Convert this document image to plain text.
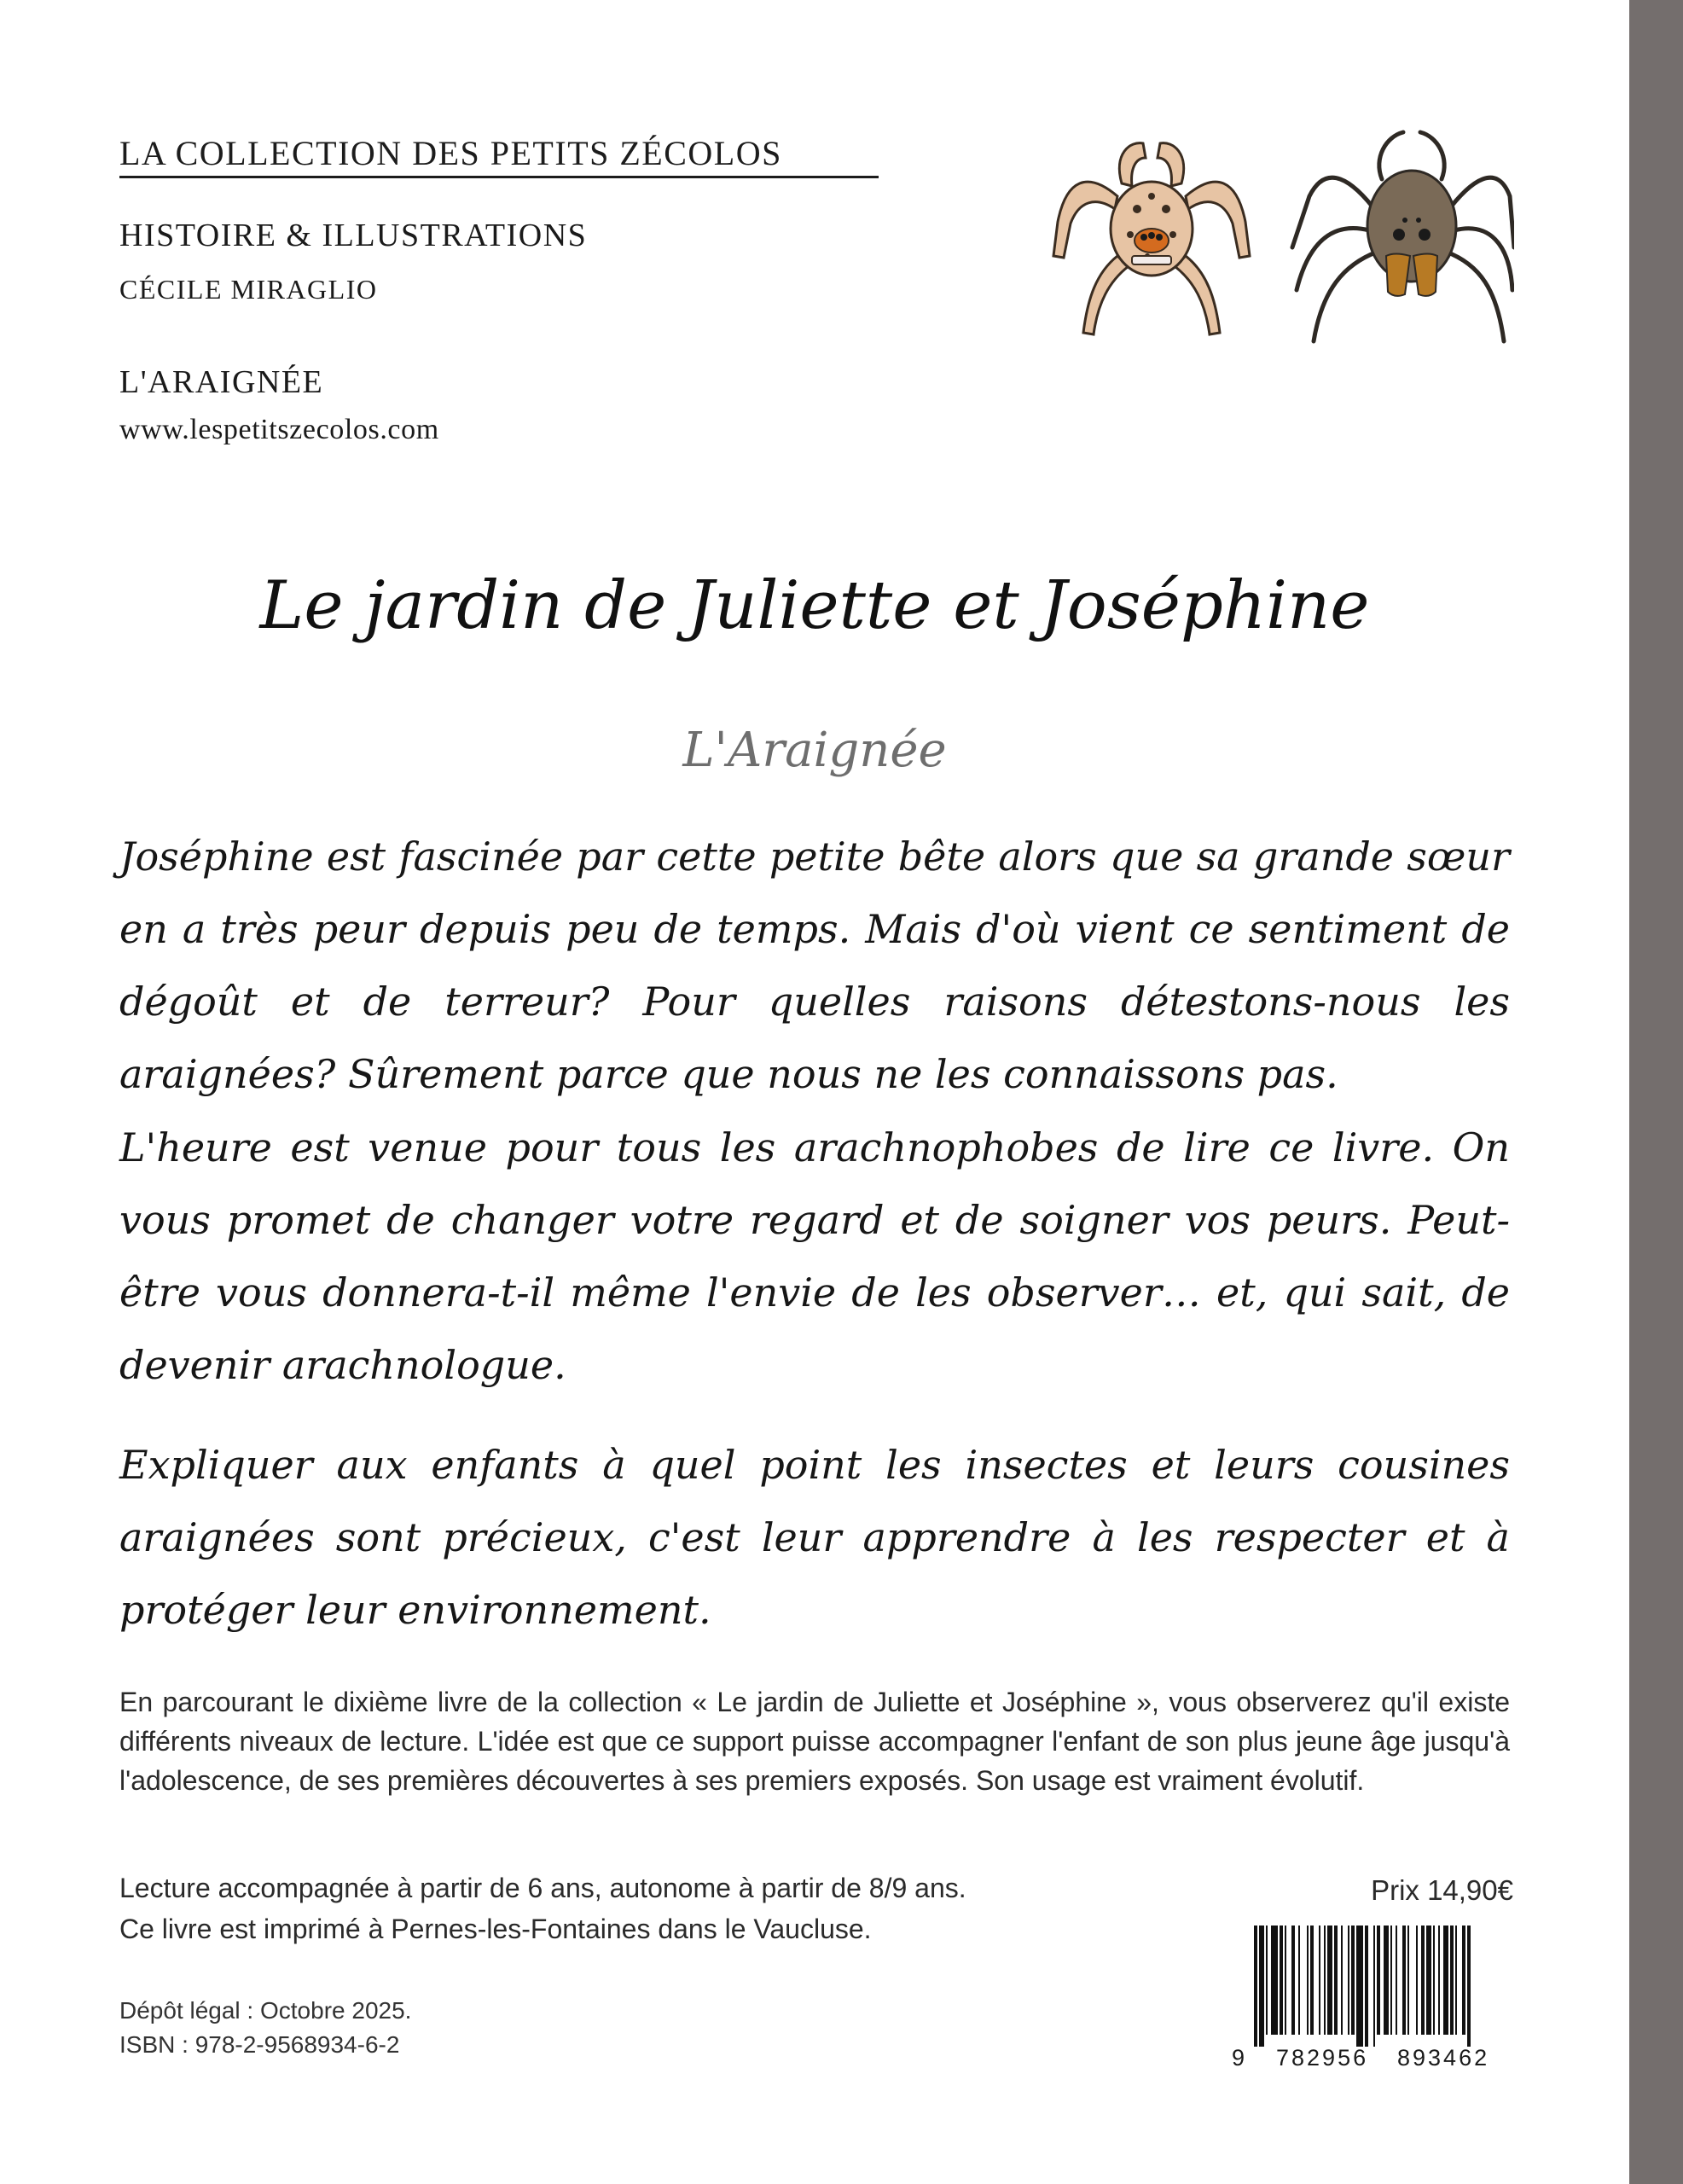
LA COLLECTION DES PETITS ZÉCOLOS
HISTOIRE & ILLUSTRATIONS
CÉCILE MIRAGLIO
L'ARAIGNÉE
www.lespetitszecolos.com
Le jardin de Juliette et Joséphine
L'Araignée

Joséphine est fascinée par cette petite bête alors que sa grande sœur en a très peur depuis peu de temps. Mais d'où vient ce sentiment de dégoût et de terreur? Pour quelles raisons détestons-nous les araignées? Sûrement parce que nous ne les connaissons pas.

L'heure est venue pour tous les arachnophobes de lire ce livre. On vous promet de changer votre regard et de soigner vos peurs. Peut-être vous donnera-t-il même l'envie de les observer… et, qui sait, de devenir arachnologue.

Expliquer aux enfants à quel point les insectes et leurs cousines araignées sont précieux, c'est leur apprendre à les respecter et à protéger leur environnement.

En parcourant le dixième livre de la collection « Le jardin de Juliette et Joséphine », vous observerez qu'il existe différents niveaux de lecture. L'idée est que ce support puisse accompagner l'enfant de son plus jeune âge jusqu'à l'adolescence, de ses premières découvertes à ses premiers exposés. Son usage est vraiment évolutif.

Lecture accompagnée à partir de 6 ans, autonome à partir de 8/9 ans.

Ce livre est imprimé à Pernes-les-Fontaines dans le Vaucluse.

Dépôt légal : Octobre 2025.

ISBN : 978-2-9568934-6-2

Prix 14,90€
9 782956 893462
